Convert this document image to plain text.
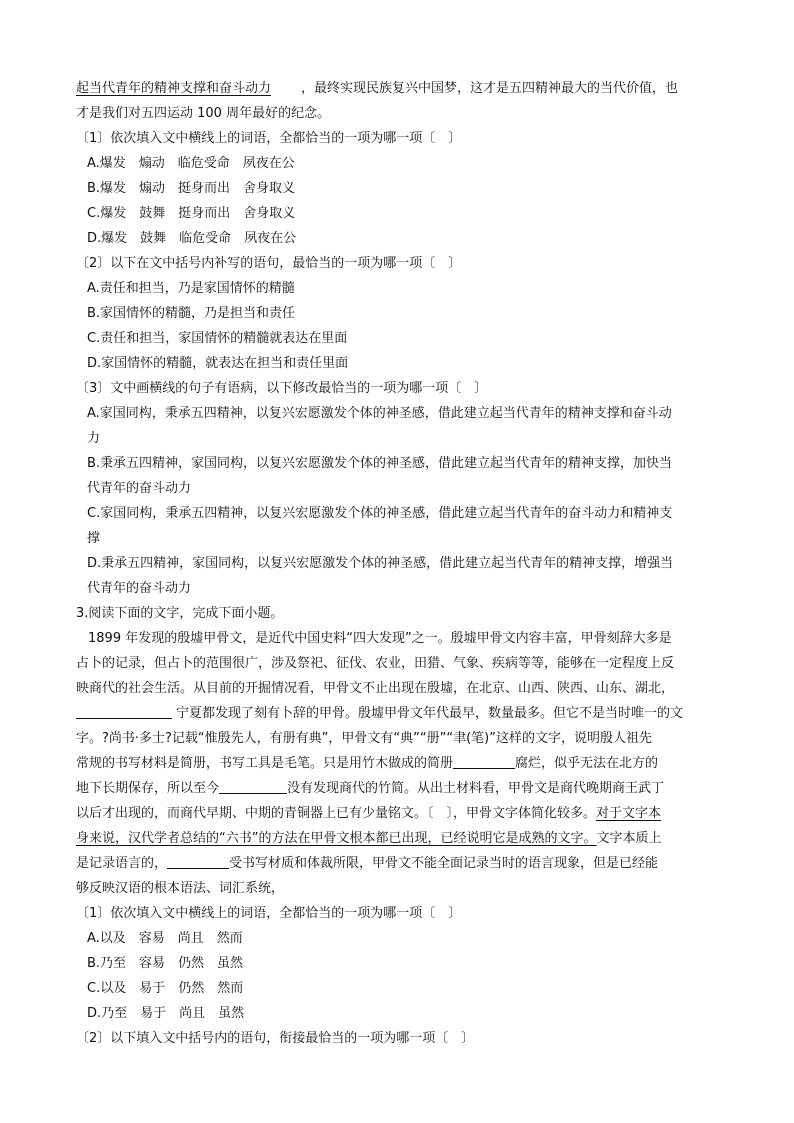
起当代青年的精神支撑和奋斗动力 ，最终实现民族复兴中国梦，这才是五四精神最大的当代价值，也
才是我们对五四运动 100 周年最好的纪念。
〔1〕依次填入文中横线上的词语，全都恰当的一项为哪一项〔　〕
A.爆发　煽动　临危受命　夙夜在公
B.爆发　煽动　挺身而出　舍身取义
C.爆发　鼓舞　挺身而出　舍身取义
D.爆发　鼓舞　临危受命　夙夜在公
〔2〕以下在文中括号内补写的语句，最恰当的一项为哪一项〔　〕
A.责任和担当，乃是家国情怀的精髓
B.家国情怀的精髓，乃是担当和责任
C.责任和担当，家国情怀的精髓就表达在里面
D.家国情怀的精髓，就表达在担当和责任里面
〔3〕文中画横线的句子有语病，以下修改最恰当的一项为哪一项〔　〕
A.家国同构，秉承五四精神，以复兴宏愿激发个体的神圣感，借此建立起当代青年的精神支撑和奋斗动
力
B.秉承五四精神，家国同构，以复兴宏愿激发个体的神圣感，借此建立起当代青年的精神支撑，加快当
代青年的奋斗动力
C.家国同构，秉承五四精神，以复兴宏愿激发个体的神圣感，借此建立起当代青年的奋斗动力和精神支
撑
D.秉承五四精神，家国同构，以复兴宏愿激发个体的神圣感，借此建立起当代青年的精神支撑，增强当
代青年的奋斗动力
3.阅读下面的文字，完成下面小题。
1899 年发现的殷墟甲骨文，是近代中国史料“四大发现”之一。殷墟甲骨文内容丰富，甲骨刻辞大多是
占卜的记录，但占卜的范围很广，涉及祭祀、征伐、农业，田猎、气象、疾病等等，能够在一定程度上反
映商代的社会生活。从目前的开掘情况看，甲骨文不止出现在殷墟，在北京、山西、陕西、山东、湖北，
宁夏都发现了刻有卜辞的甲骨。殷墟甲骨文年代最早，数量最多。但它不是当时唯一的文
字。?尚书·多士?记载“惟殷先人，有册有典”，甲骨文有“典”“册”“聿(笔)”这样的文字，说明殷人祖先
常规的书写材料是简册，书写工具是毛笔。只是用竹木做成的简册	腐烂，似乎无法在北方的
地下长期保存，所以至今	没有发现商代的竹简。从出土材料看，甲骨文是商代晚期商王武丁
以后才出现的，而商代早期、中期的青铜器上已有少量铭文。〔　〕，甲骨文字体简化较多。对于文字本
身来说，汉代学者总结的“六书”的方法在甲骨文根本都已出现，已经说明它是成熟的文字。文字本质上
是记录语言的，	受书写材质和体裁所限，甲骨文不能全面记录当时的语言现象，但是已经能
够反映汉语的根本语法、词汇系统，
〔1〕依次填入文中横线上的词语，全都恰当的一项为哪一项〔　〕
A.以及　容易　尚且　然而
B.乃至　容易　仍然　虽然
C.以及　易于　仍然　然而
D.乃至　易于　尚且　虽然
〔2〕以下填入文中括号内的语句，衔接最恰当的一项为哪一项〔　〕
